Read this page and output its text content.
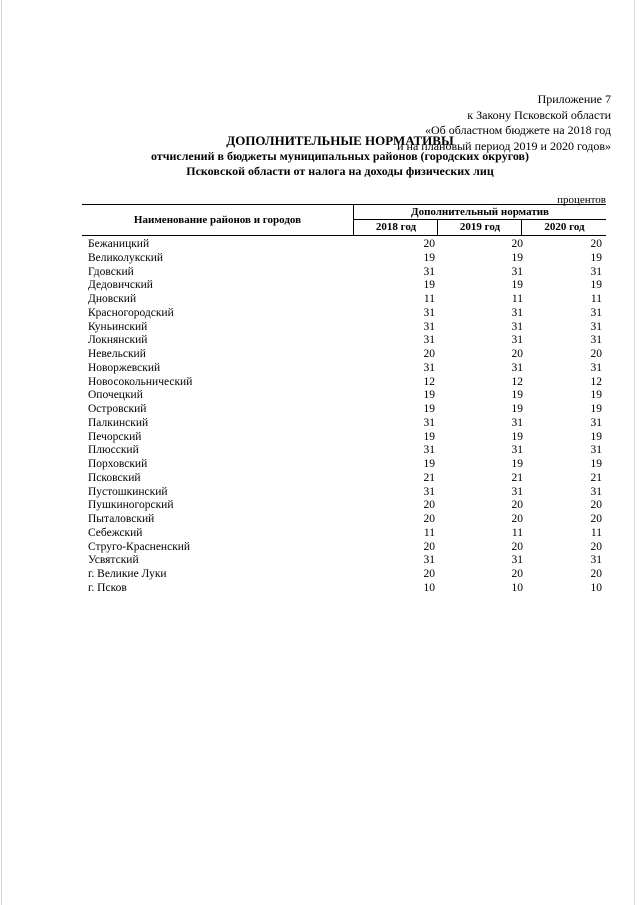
Приложение 7
к Закону Псковской области
«Об областном бюджете на 2018 год
и на плановый период 2019 и 2020 годов»
ДОПОЛНИТЕЛЬНЫЕ НОРМАТИВЫ
отчислений в бюджеты муниципальных районов (городских округов)
Псковской области от налога на доходы физических лиц
процентов
Наименование районов и городов
Дополнительный норматив
2018 год	2019 год	2020 год
Бежаницкий	20	20	20
Великолукский	19	19	19
Гдовский	31	31	31
Дедовичский	19	19	19
Дновский	11	11	11
Красногородский	31	31	31
Куньинский	31	31	31
Локнянский	31	31	31
Невельский	20	20	20
Новоржевский	31	31	31
Новосокольнический	12	12	12
Опочецкий	19	19	19
Островский	19	19	19
Палкинский	31	31	31
Печорский	19	19	19
Плюсский	31	31	31
Порховский	19	19	19
Псковский	21	21	21
Пустошкинский	31	31	31
Пушкиногорский	20	20	20
Пыталовский	20	20	20
Себежский	11	11	11
Струго-Красненский	20	20	20
Усвятский	31	31	31
г. Великие Луки	20	20	20
г. Псков	10	10	10
